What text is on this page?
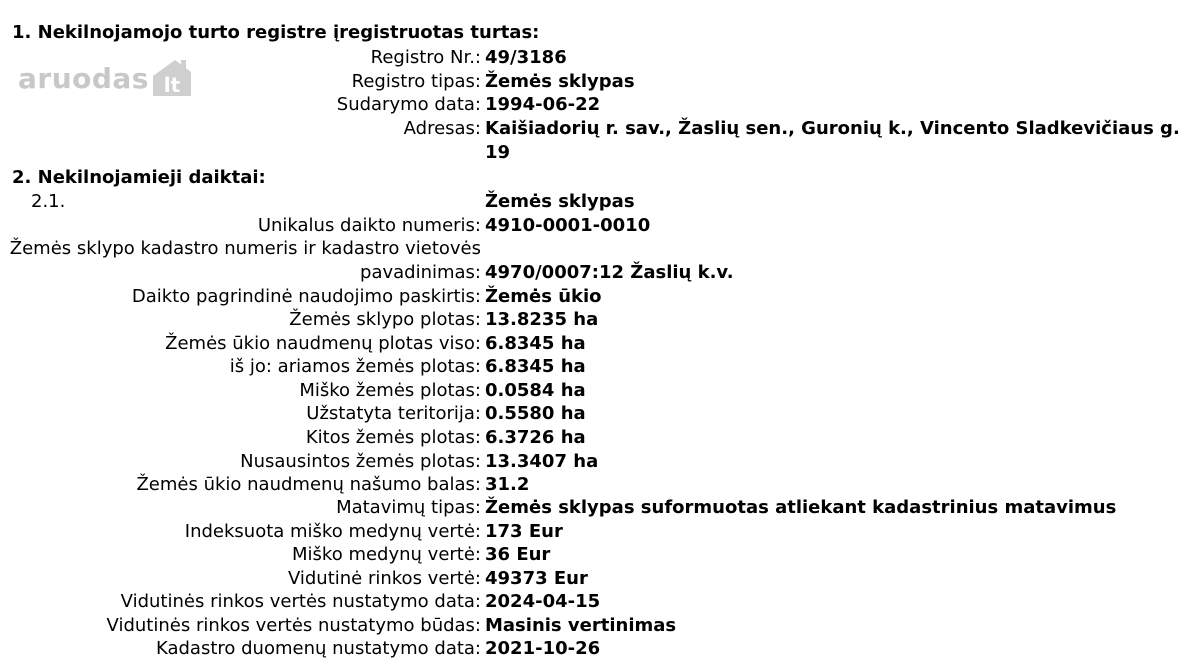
aruodas lt
1. Nekilnojamojo turto registre įregistruotas turtas:
Registro Nr.: 49/3186
Registro tipas: Žemės sklypas
Sudarymo data: 1994-06-22
Adresas: Kaišiadorių r. sav., Žaslių sen., Guronių k., Vincento Sladkevičiaus g.
19
2. Nekilnojamieji daiktai:
2.1.	Žemės sklypas
Unikalus daikto numeris: 4910-0001-0010
Žemės sklypo kadastro numeris ir kadastro vietovės
pavadinimas: 4970/0007:12 Žaslių k.v.
Daikto pagrindinė naudojimo paskirtis: Žemės ūkio
Žemės sklypo plotas: 13.8235 ha
Žemės ūkio naudmenų plotas viso: 6.8345 ha
iš jo: ariamos žemės plotas: 6.8345 ha
Miško žemės plotas: 0.0584 ha
Užstatyta teritorija: 0.5580 ha
Kitos žemės plotas: 6.3726 ha
Nusausintos žemės plotas: 13.3407 ha
Žemės ūkio naudmenų našumo balas: 31.2
Matavimų tipas: Žemės sklypas suformuotas atliekant kadastrinius matavimus
Indeksuota miško medynų vertė: 173 Eur
Miško medynų vertė: 36 Eur
Vidutinė rinkos vertė: 49373 Eur
Vidutinės rinkos vertės nustatymo data: 2024-04-15
Vidutinės rinkos vertės nustatymo būdas: Masinis vertinimas
Kadastro duomenų nustatymo data: 2021-10-26
